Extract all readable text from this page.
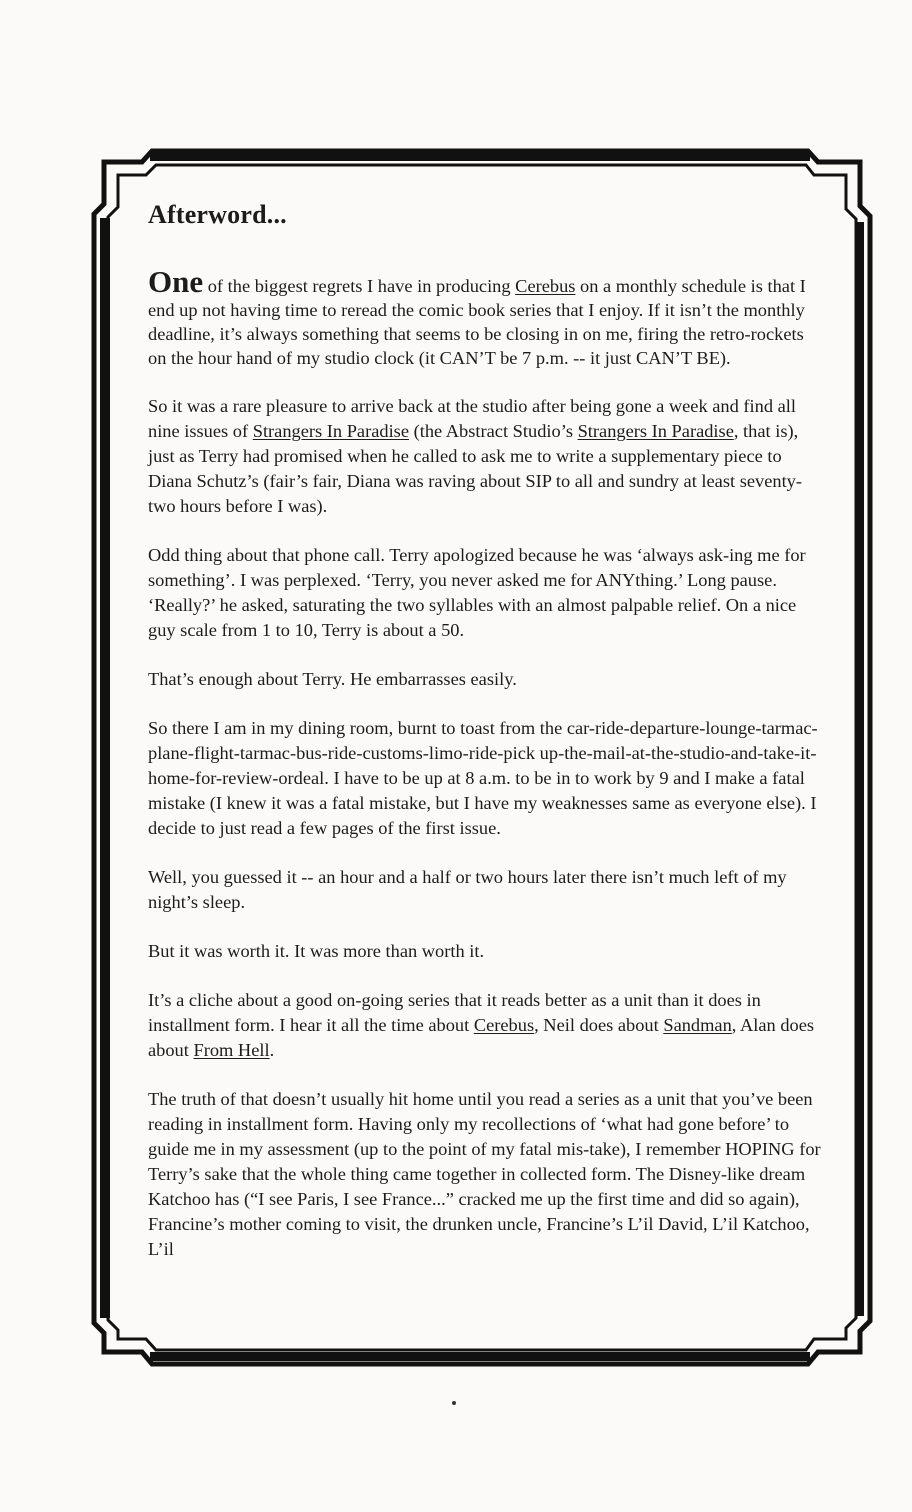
Afterword...

One of the biggest regrets I have in producing Cerebus on a monthly schedule is that I end up not having time to reread the comic book series that I enjoy. If it isn’t the monthly deadline, it’s always something that seems to be closing in on me, firing the retro-rockets on the hour hand of my studio clock (it CAN’T be 7 p.m. -- it just CAN’T BE).

So it was a rare pleasure to arrive back at the studio after being gone a week and find all nine issues of Strangers In Paradise (the Abstract Studio’s Strangers In Paradise, that is), just as Terry had promised when he called to ask me to write a supplementary piece to Diana Schutz’s (fair’s fair, Diana was raving about SIP to all and sundry at least seventy-two hours before I was).

Odd thing about that phone call. Terry apologized because he was ‘always ask-ing me for something’. I was perplexed. ‘Terry, you never asked me for ANYthing.’ Long pause. ‘Really?’ he asked, saturating the two syllables with an almost palpable relief. On a nice guy scale from 1 to 10, Terry is about a 50.

That’s enough about Terry. He embarrasses easily.

So there I am in my dining room, burnt to toast from the car-ride-departure-lounge-tarmac-plane-flight-tarmac-bus-ride-customs-limo-ride-pick up-the-mail-at-the-studio-and-take-it-home-for-review-ordeal. I have to be up at 8 a.m. to be in to work by 9 and I make a fatal mistake (I knew it was a fatal mistake, but I have my weaknesses same as everyone else). I decide to just read a few pages of the first issue.

Well, you guessed it -- an hour and a half or two hours later there isn’t much left of my night’s sleep.

But it was worth it. It was more than worth it.

It’s a cliche about a good on-going series that it reads better as a unit than it does in installment form. I hear it all the time about Cerebus, Neil does about Sandman, Alan does about From Hell.

The truth of that doesn’t usually hit home until you read a series as a unit that you’ve been reading in installment form. Having only my recollections of ‘what had gone before’ to guide me in my assessment (up to the point of my fatal mis-take), I remember HOPING for Terry’s sake that the whole thing came together in collected form. The Disney-like dream Katchoo has (“I see Paris, I see France...” cracked me up the first time and did so again), Francine’s mother coming to visit, the drunken uncle, Francine’s L’il David, L’il Katchoo, L’il
